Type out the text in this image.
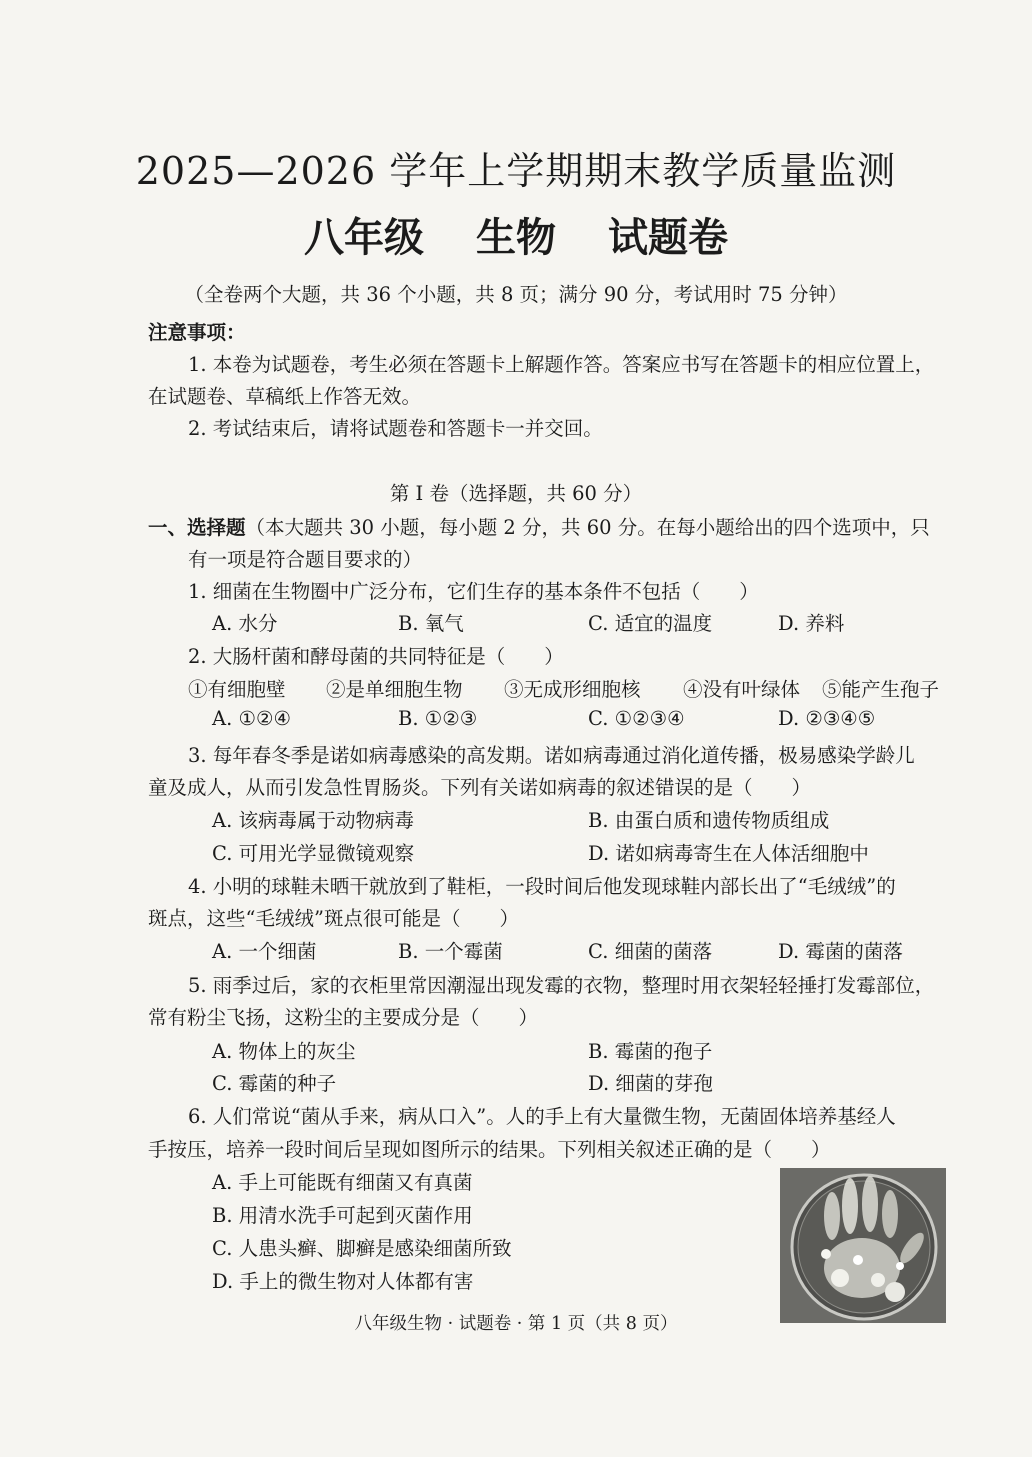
2025—2026 学年上学期期末教学质量监测
八年级 生物 试题卷
（全卷两个大题，共 36 个小题，共 8 页；满分 90 分，考试用时 75 分钟）
注意事项：
1. 本卷为试题卷，考生必须在答题卡上解题作答。答案应书写在答题卡的相应位置上，
在试题卷、草稿纸上作答无效。
2. 考试结束后，请将试题卷和答题卡一并交回。
第 I 卷（选择题，共 60 分）
一、选择题（本大题共 30 小题，每小题 2 分，共 60 分。在每小题给出的四个选项中，只
有一项是符合题目要求的）
1. 细菌在生物圈中广泛分布，它们生存的基本条件不包括（　　）
A. 水分	B. 氧气	C. 适宜的温度	D. 养料
2. 大肠杆菌和酵母菌的共同特征是（　　）
①有细胞壁 ②是单细胞生物 ③无成形细胞核 ④没有叶绿体 ⑤能产生孢子
A. ①②④	B. ①②③	C. ①②③④	D. ②③④⑤
3. 每年春冬季是诺如病毒感染的高发期。诺如病毒通过消化道传播，极易感染学龄儿
童及成人，从而引发急性胃肠炎。下列有关诺如病毒的叙述错误的是（　　）
A. 该病毒属于动物病毒	B. 由蛋白质和遗传物质组成
C. 可用光学显微镜观察	D. 诺如病毒寄生在人体活细胞中
4. 小明的球鞋未晒干就放到了鞋柜，一段时间后他发现球鞋内部长出了“毛绒绒”的
斑点，这些“毛绒绒”斑点很可能是（　　）
A. 一个细菌	B. 一个霉菌	C. 细菌的菌落	D. 霉菌的菌落
5. 雨季过后，家的衣柜里常因潮湿出现发霉的衣物，整理时用衣架轻轻捶打发霉部位，
常有粉尘飞扬，这粉尘的主要成分是（　　）
A. 物体上的灰尘	B. 霉菌的孢子
C. 霉菌的种子	D. 细菌的芽孢
6. 人们常说“菌从手来，病从口入”。人的手上有大量微生物，无菌固体培养基经人
手按压，培养一段时间后呈现如图所示的结果。下列相关叙述正确的是（　　）
A. 手上可能既有细菌又有真菌
B. 用清水洗手可起到灭菌作用
C. 人患头癣、脚癣是感染细菌所致
D. 手上的微生物对人体都有害
八年级生物 · 试题卷 · 第 1 页（共 8 页）
